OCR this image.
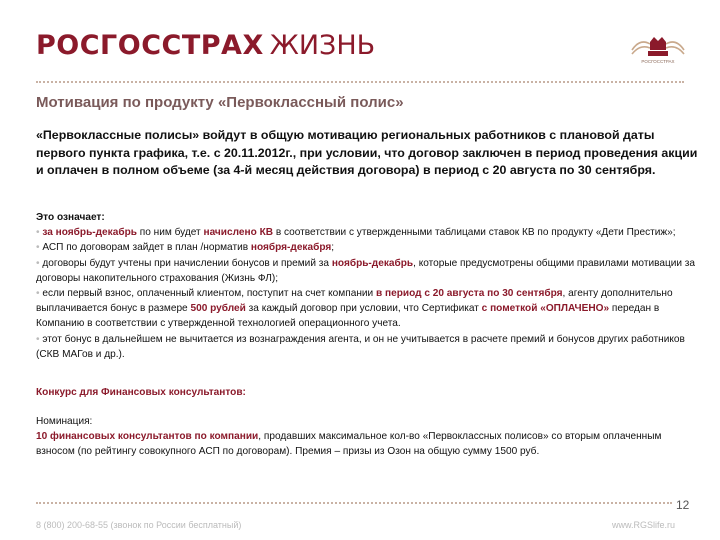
РОСГОССТРАХ ЖИЗНЬ
РОСГОССТРАХ
Мотивация по продукту «Первоклассный полис»

«Первоклассные полисы» войдут в общую мотивацию региональных работников с плановой даты первого пункта графика, т.е. с 20.11.2012г., при условии, что договор заключен в период проведения акции и оплачен в полном объеме (за 4-й месяц действия договора) в период с 20 августа по 30 сентября.

Это означает:
• за ноябрь-декабрь по ним будет начислено КВ в соответствии с утвержденными таблицами ставок КВ по продукту «Дети Престиж»;
• АСП по договорам зайдет в план /норматив ноября-декабря;
• договоры будут учтены при начислении бонусов и премий за ноябрь-декабрь, которые предусмотрены общими правилами мотивации за договоры накопительного страхования (Жизнь ФЛ);
• если первый взнос, оплаченный клиентом, поступит на счет компании в период с 20 августа по 30 сентября, агенту дополнительно выплачивается бонус в размере 500 рублей за каждый договор при условии, что Сертификат с пометкой «ОПЛАЧЕНО» передан в Компанию в соответствии с утвержденной технологией операционного учета.
• этот бонус в дальнейшем не вычитается из вознаграждения агента, и он не учитывается в расчете премий и бонусов других работников (СКВ МАГов и др.).
Конкурс для Финансовых консультантов:
Номинация:
10 финансовых консультантов по компании, продавших максимальное кол-во «Первоклассных полисов» со вторым оплаченным взносом (по рейтингу совокупного АСП по договорам). Премия – призы из Озон на общую сумму 1500 руб.
12
8 (800) 200-68-55 (звонок по России бесплатный)	www.RGSlife.ru
